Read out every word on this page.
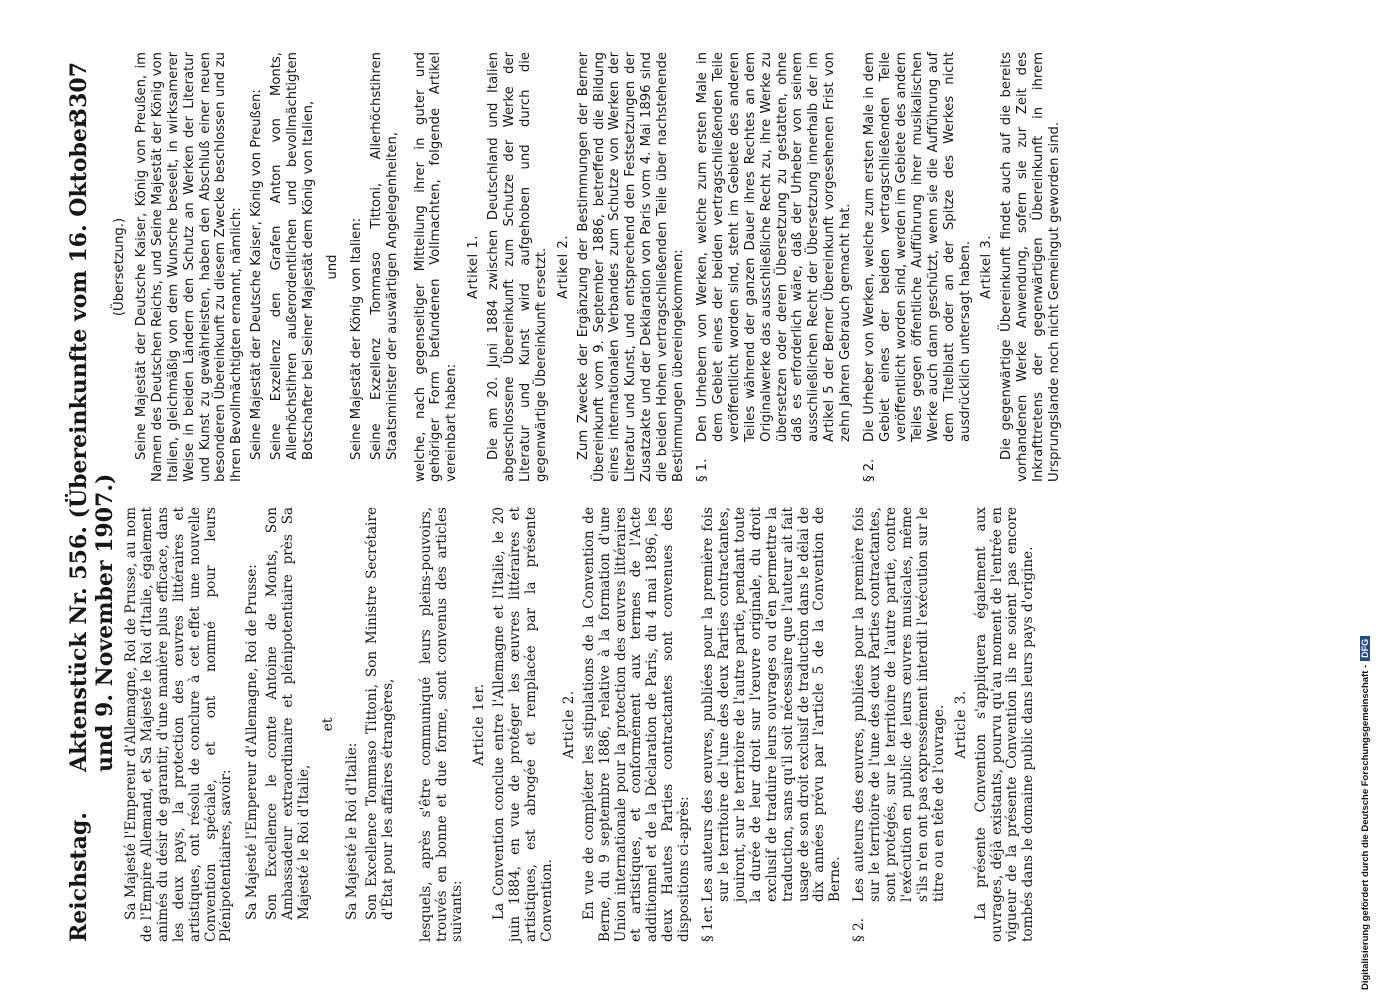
Reichstag.
Aktenstück Nr. 556. (Übereinkunfte vom 16. Oktober und 9. November 1907.)
3307

Sa Majesté l'Empereur d'Allemagne, Roi de Prusse, au nom de l'Empire Allemand, et Sa Majesté le Roi d'Italie, également animés du désir de garantir, d'une manière plus efficace, dans les deux pays, la protection des œuvres littéraires et artistiques, ont résolu de conclure à cet effet une nouvelle Convention spéciale, et ont nommé pour leurs Plénipotentiaires, savoir: Sa Majesté l'Empereur d'Allemagne, Roi de Prusse: Son Excellence le comte Antoine de Monts, Son Ambassadeur extraordinaire et plénipotentiaire près Sa Majesté le Roi d'Italie,

et

Sa Majesté le Roi d'Italie: Son Excellence Tommaso Tittoni, Son Ministre Secrétaire d'État pour les affaires étrangères, lesquels, après s'être communiqué leurs pleins-pouvoirs, trouvés en bonne et due forme, sont convenus des articles suivants:

Article 1er. La Convention conclue entre l'Allemagne et l'Italie, le 20 juin 1884, en vue de protéger les œuvres littéraires et artistiques, est abrogée et remplacée par la présente Convention.

Article 2. En vue de compléter les stipulations de la Convention de Berne, du 9 septembre 1886, relative à la formation d'une Union internationale pour la protection des œuvres littéraires et artistiques, et conformément aux termes de l'Acte additionnel et de la Déclaration de Paris, du 4 mai 1896, les deux Hautes Parties contractantes sont convenues des dispositions ci-après: § 1er.
Les auteurs des œuvres, publiées pour la première fois sur le territoire de l'une des deux Parties contractantes, jouiront, sur le territoire de l'autre partie, pendant toute la durée de leur droit sur l'œuvre originale, du droit exclusif de traduire leurs ouvrages ou d'en permettre la traduction, sans qu'il soit nécessaire que l'auteur ait fait usage de son droit exclusif de traduction dans le délai de dix années prévu par l'article 5 de la Convention de Berne.
§ 2.
Les auteurs des œuvres, publiées pour la première fois sur le territoire de l'une des deux Parties contractantes, sont protégés, sur le territoire de l'autre partie, contre l'exécution en public de leurs œuvres musicales, même s'ils n'en ont pas expressément interdit l'exécution sur le titre ou en tête de l'ouvrage. Article 3. La présente Convention s'appliquera également aux ouvrages, déjà existants, pourvu qu'au moment de l'entrée en vigueur de la présente Convention ils ne soient pas encore tombés dans le domaine public dans leurs pays d'origine.

(Übersetzung.) Seine Majestät der Deutsche Kaiser, König von Preußen, im Namen des Deutschen Reichs, und Seine Majestät der König von Italien, gleichmäßig von dem Wunsche beseelt, in wirksamerer Weise in beiden Ländern den Schutz an Werken der Literatur und Kunst zu gewährleisten, haben den Abschluß einer neuen besonderen Übereinkunft zu diesem Zwecke beschlossen und zu Ihren Bevollmächtigten ernannt, nämlich: Seine Majestät der Deutsche Kaiser, König von Preußen: Seine Exzellenz den Grafen Anton von Monts, Allerhöchstihren außerordentlichen und bevollmächtigten Botschafter bei Seiner Majestät dem König von Italien, und Seine Majestät der König von Italien: Seine Exzellenz Tommaso Tittoni, Allerhöchstihren Staatsminister der auswärtigen Angelegenheiten, welche, nach gegenseitiger Mitteilung ihrer in guter und gehöriger Form befundenen Vollmachten, folgende Artikel vereinbart haben:

Artikel 1. Die am 20. Juni 1884 zwischen Deutschland und Italien abgeschlossene Übereinkunft zum Schutze der Werke der Literatur und Kunst wird aufgehoben und durch die gegenwärtige Übereinkunft ersetzt. Artikel 2. Zum Zwecke der Ergänzung der Bestimmungen der Berner Übereinkunft vom 9. September 1886, betreffend die Bildung eines internationalen Verbandes zum Schutze von Werken der Literatur und Kunst, und entsprechend den Festsetzungen der Zusatzakte und der Deklaration von Paris vom 4. Mai 1896 sind die beiden Hohen vertragschließenden Teile über nachstehende Bestimmungen übereingekommen: § 1.
Den Urhebern von Werken, welche zum ersten Male in dem Gebiet eines der beiden vertragschließenden Teile veröffentlicht worden sind, steht im Gebiete des anderen Teiles während der ganzen Dauer ihres Rechtes an dem Originalwerke das ausschließliche Recht zu, ihre Werke zu übersetzen oder deren Übersetzung zu gestatten, ohne daß es erforderlich wäre, daß der Urheber von seinem ausschließlichen Recht der Übersetzung innerhalb der im Artikel 5 der Berner Übereinkunft vorgesehenen Frist von zehn Jahren Gebrauch gemacht hat.
§ 2.
Die Urheber von Werken, welche zum ersten Male in dem Gebiet eines der beiden vertragschließenden Teile veröffentlicht worden sind, werden im Gebiete des andern Teiles gegen öffentliche Aufführung ihrer musikalischen Werke auch dann geschützt, wenn sie die Aufführung auf dem Titelblatt oder an der Spitze des Werkes nicht ausdrücklich untersagt haben. Artikel 3. Die gegenwärtige Übereinkunft findet auch auf die bereits vorhandenen Werke Anwendung, sofern sie zur Zeit des Inkrafttretens der gegenwärtigen Übereinkunft in ihrem Ursprungslande noch nicht Gemeingut geworden sind.

Digitalisierung gefördert durch die Deutsche Forschungsgemeinschaft -DFG
